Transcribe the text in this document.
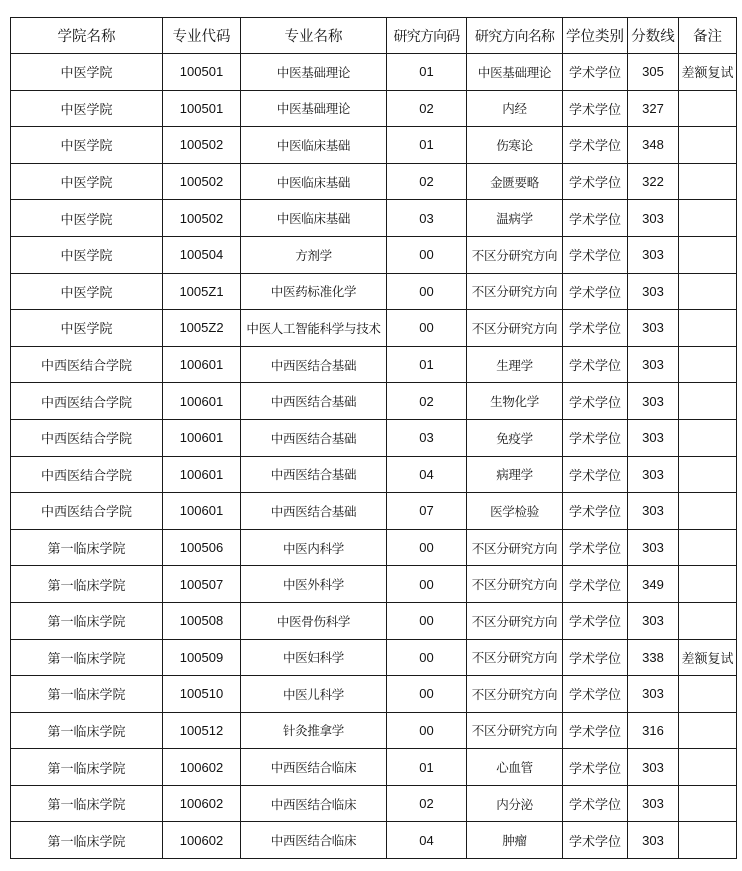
学院名称	专业代码	专业名称	研究方向码	研究方向名称	学位类别	分数线	备注
中医学院	100501	中医基础理论	01	中医基础理论	学术学位	305	差额复试
中医学院	100501	中医基础理论	02	内经	学术学位	327	
中医学院	100502	中医临床基础	01	伤寒论	学术学位	348	
中医学院	100502	中医临床基础	02	金匮要略	学术学位	322	
中医学院	100502	中医临床基础	03	温病学	学术学位	303	
中医学院	100504	方剂学	00	不区分研究方向	学术学位	303	
中医学院	1005Z1	中医药标准化学	00	不区分研究方向	学术学位	303	
中医学院	1005Z2	中医人工智能科学与技术	00	不区分研究方向	学术学位	303	
中西医结合学院	100601	中西医结合基础	01	生理学	学术学位	303	
中西医结合学院	100601	中西医结合基础	02	生物化学	学术学位	303	
中西医结合学院	100601	中西医结合基础	03	免疫学	学术学位	303	
中西医结合学院	100601	中西医结合基础	04	病理学	学术学位	303	
中西医结合学院	100601	中西医结合基础	07	医学检验	学术学位	303	
第一临床学院	100506	中医内科学	00	不区分研究方向	学术学位	303	
第一临床学院	100507	中医外科学	00	不区分研究方向	学术学位	349	
第一临床学院	100508	中医骨伤科学	00	不区分研究方向	学术学位	303	
第一临床学院	100509	中医妇科学	00	不区分研究方向	学术学位	338	差额复试
第一临床学院	100510	中医儿科学	00	不区分研究方向	学术学位	303	
第一临床学院	100512	针灸推拿学	00	不区分研究方向	学术学位	316	
第一临床学院	100602	中西医结合临床	01	心血管	学术学位	303	
第一临床学院	100602	中西医结合临床	02	内分泌	学术学位	303	
第一临床学院	100602	中西医结合临床	04	肿瘤	学术学位	303	
